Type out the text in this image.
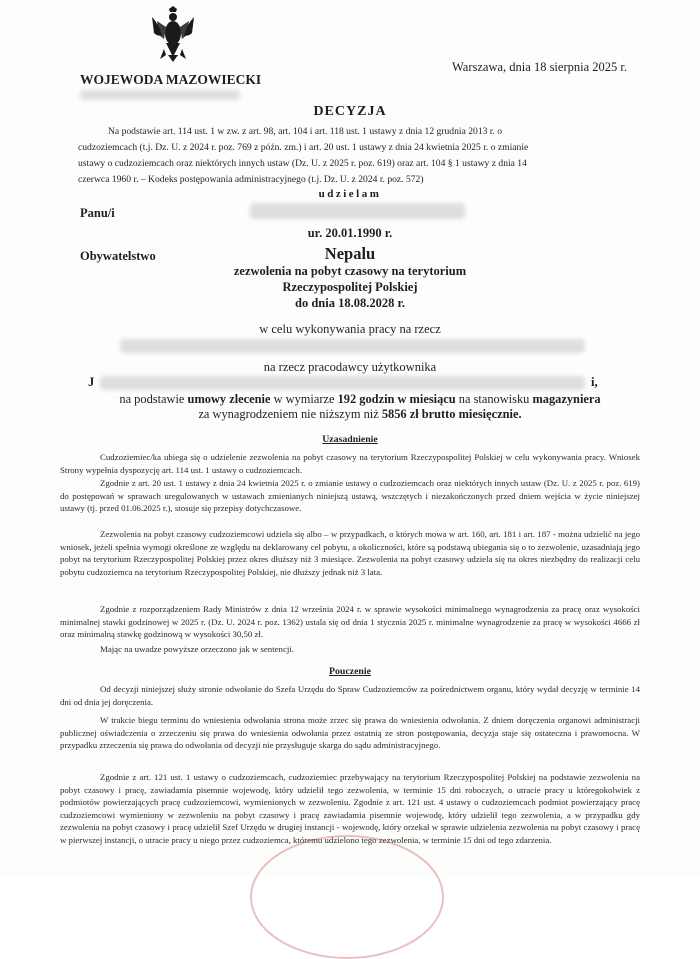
WOJEWODA MAZOWIECKI
Warszawa, dnia 18 sierpnia 2025 r.
DECYZJA
Na podstawie art. 114 ust. 1 w zw. z art. 98, art. 104 i art. 118 ust. 1 ustawy z dnia 12 grudnia 2013 r. o
cudzoziemcach (t.j. Dz. U. z 2024 r. poz. 769 z późn. zm.) i art. 20 ust. 1 ustawy z dnia 24 kwietnia 2025 r. o zmianie
ustawy o cudzoziemcach oraz niektórych innych ustaw (Dz. U. z 2025 r. poz. 619) oraz art. 104 § 1 ustawy z dnia 14
czerwca 1960 r. – Kodeks postępowania administracyjnego (t.j. Dz. U. z 2024 r. poz. 572)
udzielam
Panu/i
ur. 20.01.1990 r.
Obywatelstwo	Nepalu
zezwolenia na pobyt czasowy na terytorium
Rzeczypospolitej Polskiej
do dnia 18.08.2028 r.
w celu wykonywania pracy na rzecz
na rzecz pracodawcy użytkownika
J	i,
na podstawie umowy zlecenie w wymiarze 192 godzin w miesiącu na stanowisku magazyniera
za wynagrodzeniem nie niższym niż 5856 zł brutto miesięcznie.
Uzasadnienie
Cudzoziemiec/ka ubiega się o udzielenie zezwolenia na pobyt czasowy na terytorium Rzeczypospolitej Polskiej w celu wykonywania pracy. Wniosek Strony wypełnia dyspozycję art. 114 ust. 1 ustawy o cudzoziemcach.
Zgodnie z art. 20 ust. 1 ustawy z dnia 24 kwietnia 2025 r. o zmianie ustawy o cudzoziemcach oraz niektórych innych ustaw (Dz. U. z 2025 r. poz. 619) do postępowań w sprawach uregulowanych w ustawach zmienianych niniejszą ustawą, wszczętych i niezakończonych przed dniem wejścia w życie niniejszej ustawy (tj. przed 01.06.2025 r.), stosuje się przepisy dotychczasowe.
Zezwolenia na pobyt czasowy cudzoziemcowi udziela się albo – w przypadkach, o których mowa w art. 160, art. 181 i art. 187 - można udzielić na jego wniosek, jeżeli spełnia wymogi określone ze względu na deklarowany cel pobytu, a okoliczności, które są podstawą ubiegania się o to zezwolenie, uzasadniają jego pobyt na terytorium Rzeczypospolitej Polskiej przez okres dłuższy niż 3 miesiące. Zezwolenia na pobyt czasowy udziela się na okres niezbędny do realizacji celu pobytu cudzoziemca na terytorium Rzeczypospolitej Polskiej, nie dłuższy jednak niż 3 lata.
Zgodnie z rozporządzeniem Rady Ministrów z dnia 12 września 2024 r. w sprawie wysokości minimalnego wynagrodzenia za pracę oraz wysokości minimalnej stawki godzinowej w 2025 r. (Dz. U. 2024 r. poz. 1362) ustala się od dnia 1 stycznia 2025 r. minimalne wynagrodzenie za pracę w wysokości 4666 zł oraz minimalną stawkę godzinową w wysokości 30,50 zł.
Mając na uwadze powyższe orzeczono jak w sentencji.
Pouczenie
Od decyzji niniejszej służy stronie odwołanie do Szefa Urzędu do Spraw Cudzoziemców za pośrednictwem organu, który wydał decyzję w terminie 14 dni od dnia jej doręczenia.
W trakcie biegu terminu do wniesienia odwołania strona może zrzec się prawa do wniesienia odwołania. Z dniem doręczenia organowi administracji publicznej oświadczenia o zrzeczeniu się prawa do wniesienia odwołania przez ostatnią ze stron postępowania, decyzja staje się ostateczna i prawomocna. W przypadku zrzeczenia się prawa do odwołania od decyzji nie przysługuje skarga do sądu administracyjnego.
Zgodnie z art. 121 ust. 1 ustawy o cudzoziemcach, cudzoziemiec przebywający na terytorium Rzeczypospolitej Polskiej na podstawie zezwolenia na pobyt czasowy i pracę, zawiadamia pisemnie wojewodę, który udzielił tego zezwolenia, w terminie 15 dni roboczych, o utracie pracy u któregokolwiek z podmiotów powierzających pracę cudzoziemcowi, wymienionych w zezwoleniu. Zgodnie z art. 121 ust. 4 ustawy o cudzoziemcach podmiot powierzający pracę cudzoziemcowi wymieniony w zezwoleniu na pobyt czasowy i pracę zawiadamia pisemnie wojewodę, który udzielił tego zezwolenia, a w przypadku gdy zezwolenia na pobyt czasowy i pracę udzielił Szef Urzędu w drugiej instancji - wojewodę, który orzekał w sprawie udzielenia zezwolenia na pobyt czasowy i pracę w pierwszej instancji, o utracie pracy u niego przez cudzoziemca, któremu udzielono tego zezwolenia, w terminie 15 dni od tego zdarzenia.
